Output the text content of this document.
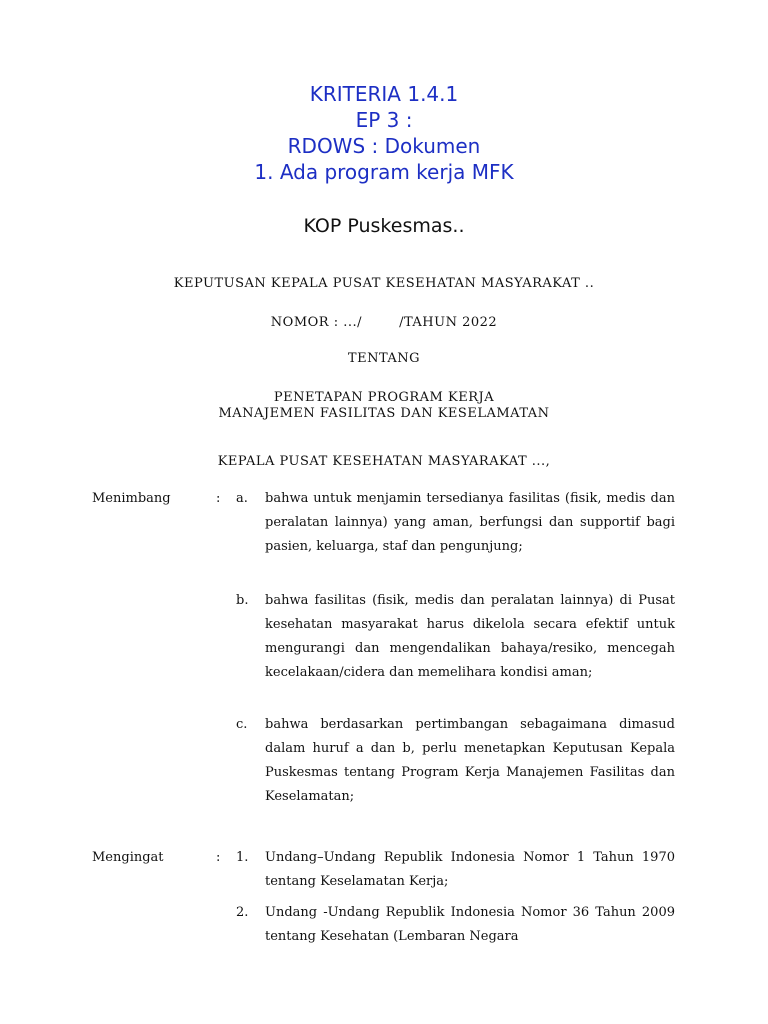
KRITERIA 1.4.1
EP 3 :
RDOWS : Dokumen
1. Ada program kerja MFK
KOP Puskesmas..
KEPUTUSAN KEPALA PUSAT KESEHATAN MASYARAKAT ..
NOMOR : .../        /TAHUN 2022
TENTANG
PENETAPAN PROGRAM KERJA
MANAJEMEN FASILITAS DAN KESELAMATAN
KEPALA PUSAT KESEHATAN MASYARAKAT ...,
Menimbang	: a. bahwa untuk menjamin tersedianya fasilitas (fisik, medis dan peralatan lainnya) yang aman, berfungsi dan supportif bagi pasien, keluarga, staf dan pengunjung;
b. bahwa fasilitas (fisik, medis dan peralatan lainnya) di Pusat kesehatan masyarakat harus dikelola secara efektif untuk mengurangi dan mengendalikan bahaya/resiko, mencegah kecelakaan/cidera dan memelihara kondisi aman;
c. bahwa berdasarkan pertimbangan sebagaimana dimasud dalam huruf a dan b, perlu menetapkan Keputusan Kepala Puskesmas tentang Program Kerja Manajemen Fasilitas dan Keselamatan;
Mengingat	: 1. Undang–Undang Republik Indonesia Nomor 1 Tahun 1970 tentang Keselamatan Kerja;
2. Undang -Undang Republik Indonesia Nomor 36 Tahun 2009 tentang Kesehatan (Lembaran Negara
